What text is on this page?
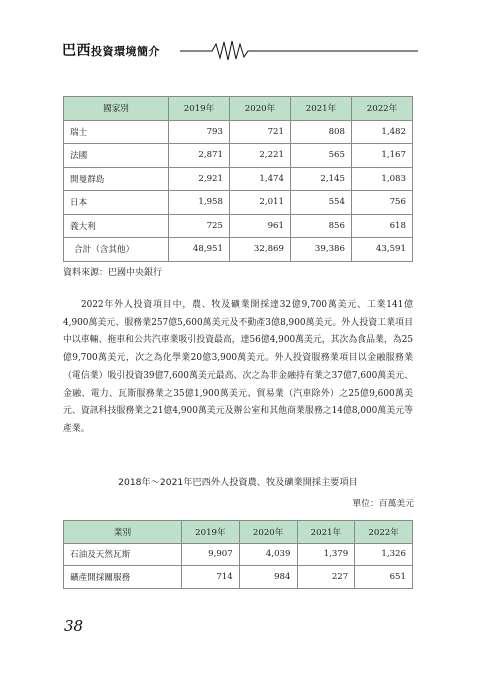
巴西投資環境簡介
國家別	2019年	2020年	2021年	2022年
瑞士	793	721	808	1,482
法國	2,871	2,221	565	1,167
開曼群島	2,921	1,474	2,145	1,083
日本	1,958	2,011	554	756
義大利	725	961	856	618
合計（含其他）	48,951	32,869	39,386	43,591
資料來源：巴國中央銀行

2022年外人投資項目中，農、牧及礦業開採達32億9,700萬美元、工業141億4,900萬美元、服務業257億5,600萬美元及不動產3億8,900萬美元。外人投資工業項目中以車輛、拖車和公共汽車業吸引投資最高，達56億4,900萬美元，其次為食品業，為25億9,700萬美元，次之為化學業20億3,900萬美元。外人投資服務業項目以金融服務業（電信業）吸引投資39億7,600萬美元最高、次之為非金融持有業之37億7,600萬美元、金融、電力、瓦斯服務業之35億1,900萬美元、貿易業（汽車除外）之25億9,600萬美元、資訊科技服務業之21億4,900萬美元及辦公室和其他商業服務之14億8,000萬美元等產業。

2018年～2021年巴西外人投資農、牧及礦業開採主要項目
單位：百萬美元
業別	2019年	2020年	2021年	2022年
石油及天然瓦斯	9,907	4,039	1,379	1,326
礦產開採關服務	714	984	227	651
38
